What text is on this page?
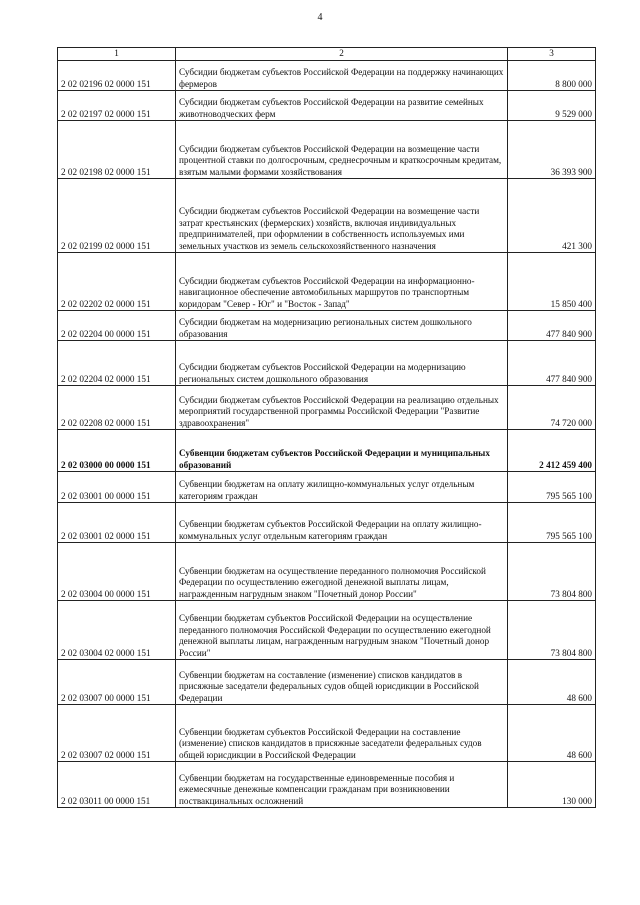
4
1	2	3
2 02 02196 02 0000 151	Субсидии бюджетам субъектов Российской Федерации на поддержку начинающих фермеров	8 800 000
2 02 02197 02 0000 151	Субсидии бюджетам субъектов Российской Федерации на развитие семейных животноводческих ферм	9 529 000
2 02 02198 02 0000 151	Субсидии бюджетам субъектов Российской Федерации на возмещение части процентной ставки по долгосрочным, среднесрочным и краткосрочным кредитам, взятым малыми формами хозяйствования	36 393 900
2 02 02199 02 0000 151	Субсидии бюджетам субъектов Российской Федерации на возмещение части затрат крестьянских (фермерских) хозяйств, включая индивидуальных предпринимателей, при оформлении в собственность используемых ими земельных участков из земель сельскохозяйственного назначения	421 300
2 02 02202 02 0000 151	Субсидии бюджетам субъектов Российской Федерации на информационно-навигационное обеспечение автомобильных маршрутов по транспортным коридорам "Север - Юг" и "Восток - Запад"	15 850 400
2 02 02204 00 0000 151	Субсидии бюджетам на модернизацию региональных систем дошкольного образования	477 840 900
2 02 02204 02 0000 151	Субсидии бюджетам субъектов Российской Федерации на модернизацию региональных систем дошкольного образования	477 840 900
2 02 02208 02 0000 151	Субсидии бюджетам субъектов Российской Федерации на реализацию отдельных мероприятий государственной программы Российской Федерации "Развитие здравоохранения"	74 720 000
2 02 03000 00 0000 151	Субвенции бюджетам субъектов Российской Федерации и муниципальных образований	2 412 459 400
2 02 03001 00 0000 151	Субвенции бюджетам на оплату жилищно-коммунальных услуг отдельным категориям граждан	795 565 100
2 02 03001 02 0000 151	Субвенции бюджетам субъектов Российской Федерации на оплату жилищно-коммунальных услуг отдельным категориям граждан	795 565 100
2 02 03004 00 0000 151	Субвенции бюджетам на осуществление переданного полномочия Российской Федерации по осуществлению ежегодной денежной выплаты лицам, награжденным нагрудным знаком "Почетный донор России"	73 804 800
2 02 03004 02 0000 151	Субвенции бюджетам субъектов Российской Федерации на осуществление переданного полномочия Российской Федерации по осуществлению ежегодной денежной выплаты лицам, награжденным нагрудным знаком "Почетный донор России"	73 804 800
2 02 03007 00 0000 151	Субвенции бюджетам на составление (изменение) списков кандидатов в присяжные заседатели федеральных судов общей юрисдикции в Российской Федерации	48 600
2 02 03007 02 0000 151	Субвенции бюджетам субъектов Российской Федерации на составление (изменение) списков кандидатов в присяжные заседатели федеральных судов общей юрисдикции в Российской Федерации	48 600
2 02 03011 00 0000 151	Субвенции бюджетам на государственные единовременные пособия и ежемесячные денежные компенсации гражданам при возникновении поствакцинальных осложнений	130 000
